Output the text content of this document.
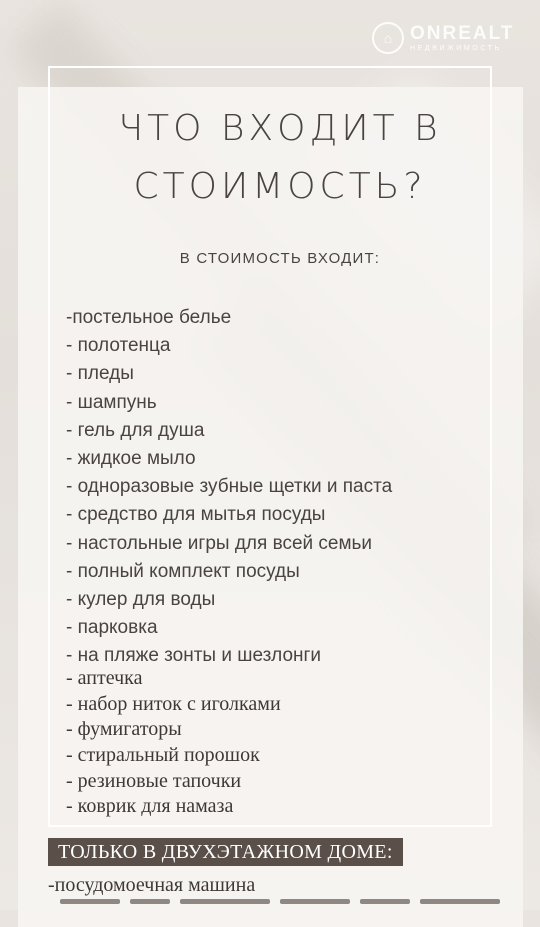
⌂ ONREALT
НЕДВИЖИМОСТЬ
ЧТО ВХОДИТ В
СТОИМОСТЬ?
В СТОИМОСТЬ ВХОДИТ:
-постельное белье
- полотенца
- пледы
- шампунь
- гель для душа
- жидкое мыло
- одноразовые зубные щетки и паста
- средство для мытья посуды
- настольные игры для всей семьи
- полный комплект посуды
- кулер для воды
- парковка
- на пляже зонты и шезлонги
- аптечка
- набор ниток с иголками
- фумигаторы
- стиральный порошок
- резиновые тапочки
- коврик для намаза
ТОЛЬКО В ДВУХЭТАЖНОМ ДОМЕ:
-посудомоечная машина
